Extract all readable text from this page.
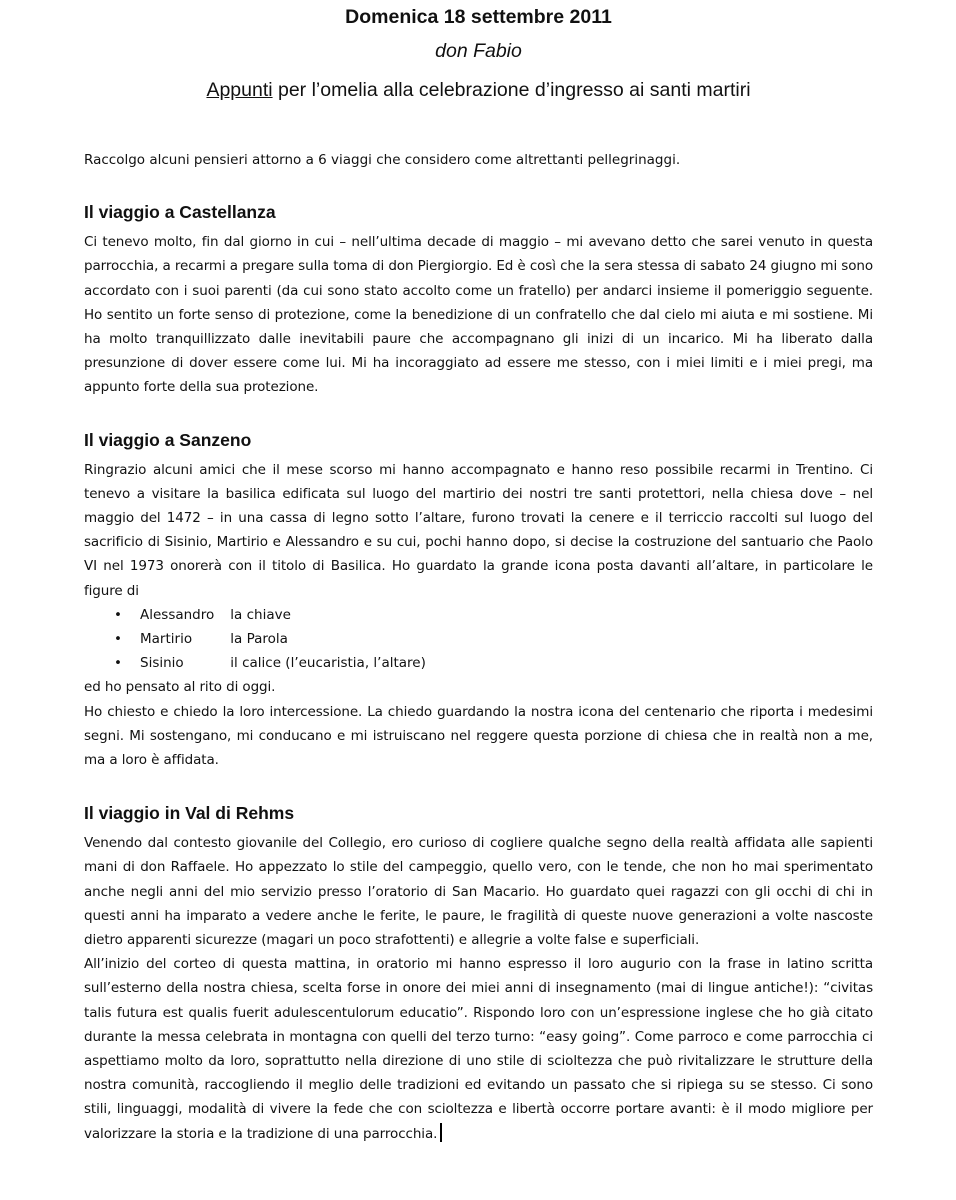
Domenica 18 settembre 2011
don Fabio
Appunti per l’omelia alla celebrazione d’ingresso ai santi martiri

Raccolgo alcuni pensieri attorno a 6 viaggi che considero come altrettanti pellegrinaggi.

Il viaggio a Castellanza

Ci tenevo molto, fin dal giorno in cui – nell’ultima decade di maggio – mi avevano detto che sarei venuto in questa parrocchia, a recarmi a pregare sulla toma di don Piergiorgio. Ed è così che la sera stessa di sabato 24 giugno mi sono accordato con i suoi parenti (da cui sono stato accolto come un fratello) per andarci insieme il pomeriggio seguente. Ho sentito un forte senso di protezione, come la benedizione di un confratello che dal cielo mi aiuta e mi sostiene. Mi ha molto tranquillizzato dalle inevitabili paure che accompagnano gli inizi di un incarico. Mi ha liberato dalla presunzione di dover essere come lui. Mi ha incoraggiato ad essere me stesso, con i miei limiti e i miei pregi, ma appunto forte della sua protezione.

Il viaggio a Sanzeno

Ringrazio alcuni amici che il mese scorso mi hanno accompagnato e hanno reso possibile recarmi in Trentino. Ci tenevo a visitare la basilica edificata sul luogo del martirio dei nostri tre santi protettori, nella chiesa dove – nel maggio del 1472 – in una cassa di legno sotto l’altare, furono trovati la cenere e il terriccio raccolti sul luogo del sacrificio di Sisinio, Martirio e Alessandro e su cui, pochi hanno dopo, si decise la costruzione del santuario che Paolo VI nel 1973 onorerà con il titolo di Basilica. Ho guardato la grande icona posta davanti all’altare, in particolare le figure di

• Alessandro la chiave
• Martirio	la Parola
• Sisinio	il calice (l’eucaristia, l’altare)

ed ho pensato al rito di oggi.

Ho chiesto e chiedo la loro intercessione. La chiedo guardando la nostra icona del centenario che riporta i medesimi segni. Mi sostengano, mi conducano e mi istruiscano nel reggere questa porzione di chiesa che in realtà non a me, ma a loro è affidata.

Il viaggio in Val di Rehms

Venendo dal contesto giovanile del Collegio, ero curioso di cogliere qualche segno della realtà affidata alle sapienti mani di don Raffaele. Ho appezzato lo stile del campeggio, quello vero, con le tende, che non ho mai sperimentato anche negli anni del mio servizio presso l’oratorio di San Macario. Ho guardato quei ragazzi con gli occhi di chi in questi anni ha imparato a vedere anche le ferite, le paure, le fragilità di queste nuove generazioni a volte nascoste dietro apparenti sicurezze (magari un poco strafottenti) e allegrie a volte false e superficiali.

All’inizio del corteo di questa mattina, in oratorio mi hanno espresso il loro augurio con la frase in latino scritta sull’esterno della nostra chiesa, scelta forse in onore dei miei anni di insegnamento (mai di lingue antiche!): “civitas talis futura est qualis fuerit adulescentulorum educatio”. Rispondo loro con un’espressione inglese che ho già citato durante la messa celebrata in montagna con quelli del terzo turno: “easy going”. Come parroco e come parrocchia ci aspettiamo molto da loro, soprattutto nella direzione di uno stile di scioltezza che può rivitalizzare le strutture della nostra comunità, raccogliendo il meglio delle tradizioni ed evitando un passato che si ripiega su se stesso. Ci sono stili, linguaggi, modalità di vivere la fede che con scioltezza e libertà occorre portare avanti: è il modo migliore per valorizzare la storia e la tradizione di una parrocchia.
